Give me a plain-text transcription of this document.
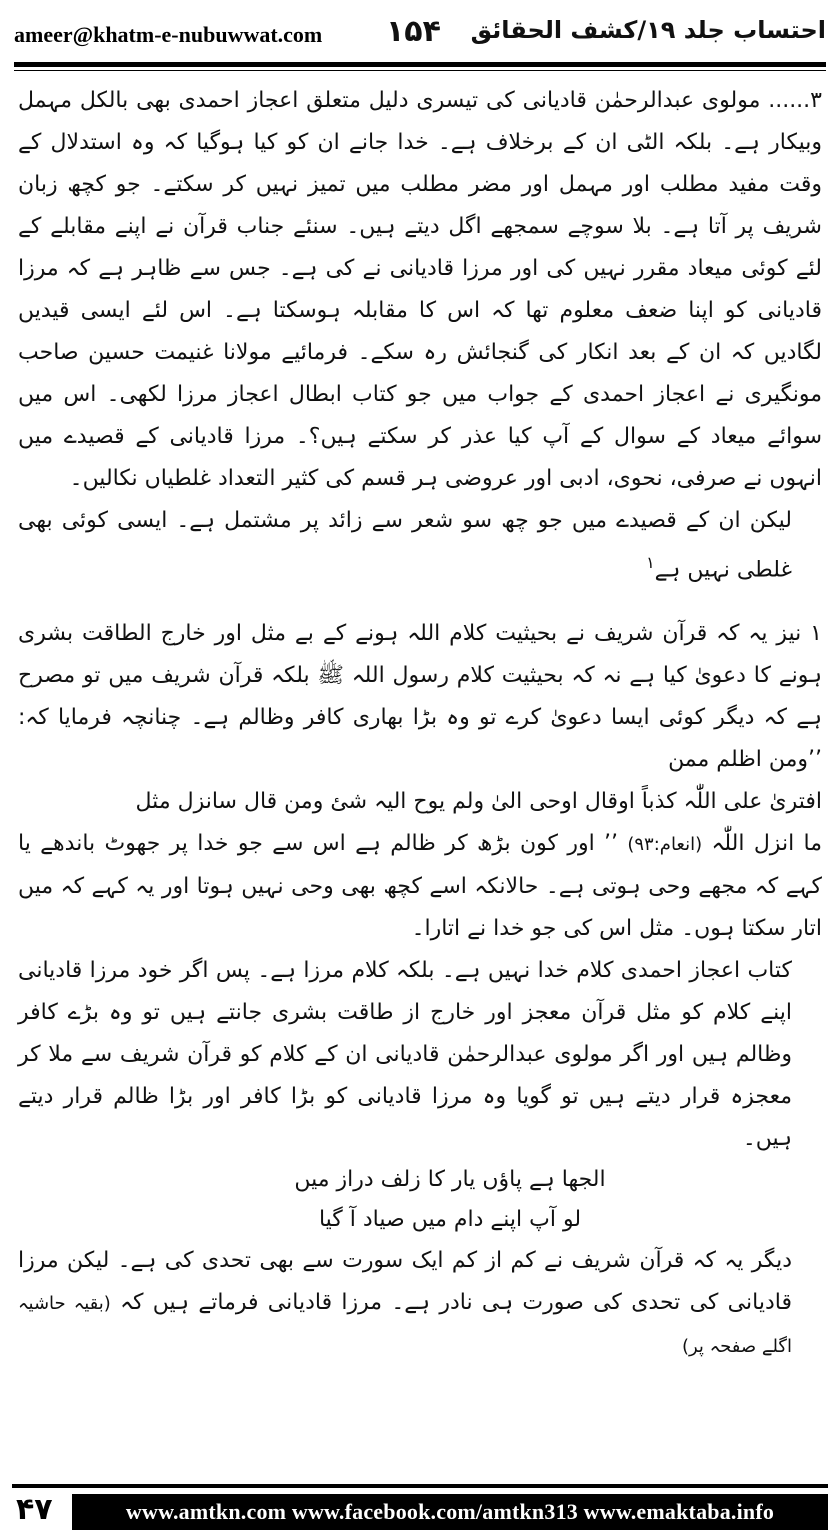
ameer@khatm-e-nubuwwat.com ۱۵۴ احتساب جلد ۱۹/کشف الحقائق

۳...... مولوی عبدالرحمٰن قادیانی کی تیسری دلیل متعلق اعجاز احمدی بھی بالکل مہمل وبیکار ہے۔ بلکہ الٹی ان کے برخلاف ہے۔ خدا جانے ان کو کیا ہوگیا کہ وہ استدلال کے وقت مفید مطلب اور مہمل اور مضر مطلب میں تمیز نہیں کر سکتے۔ جو کچھ زبان شریف پر آتا ہے۔ بلا سوچے سمجھے اگل دیتے ہیں۔ سنئے جناب قرآن نے اپنے مقابلے کے لئے کوئی میعاد مقرر نہیں کی اور مرزا قادیانی نے کی ہے۔ جس سے ظاہر ہے کہ مرزا قادیانی کو اپنا ضعف معلوم تھا کہ اس کا مقابلہ ہوسکتا ہے۔ اس لئے ایسی قیدیں لگادیں کہ ان کے بعد انکار کی گنجائش رہ سکے۔ فرمائیے مولانا غنیمت حسین صاحب مونگیری نے اعجاز احمدی کے جواب میں جو کتاب ابطال اعجاز مرزا لکھی۔ اس میں سوائے میعاد کے سوال کے آپ کیا عذر کر سکتے ہیں؟۔ مرزا قادیانی کے قصیدے میں انہوں نے صرفی، نحوی، ادبی اور عروضی ہر قسم کی کثیر التعداد غلطیاں نکالیں۔

لیکن ان کے قصیدے میں جو چھ سو شعر سے زائد پر مشتمل ہے۔ ایسی کوئی بھی غلطی نہیں ہے$^۱$

۱ نیز یہ کہ قرآن شریف نے بحیثیت کلام اللہ ہونے کے بے مثل اور خارج الطاقت بشری ہونے کا دعویٰ کیا ہے نہ کہ بحیثیت کلام رسول اللہ ﷺ بلکہ قرآن شریف میں تو مصرح ہے کہ دیگر کوئی ایسا دعویٰ کرے تو وہ بڑا بھاری کافر وظالم ہے۔ چنانچہ فرمایا کہ: ’’ومن اظلم ممن

افتریٰ علی اللّٰہ کذباً اوقال اوحی الیٰ ولم یوح الیہ شئ ومن قال سانزل مثل

ما انزل اللّٰہ (انعام:۹۳) ’’ اور کون بڑھ کر ظالم ہے اس سے جو خدا پر جھوٹ باندھے یا کہے کہ مجھے وحی ہوتی ہے۔ حالانکہ اسے کچھ بھی وحی نہیں ہوتا اور یہ کہے کہ میں اتار سکتا ہوں۔ مثل اس کی جو خدا نے اتارا۔

کتاب اعجاز احمدی کلام خدا نہیں ہے۔ بلکہ کلام مرزا ہے۔ پس اگر خود مرزا قادیانی اپنے کلام کو مثل قرآن معجز اور خارج از طاقت بشری جانتے ہیں تو وہ بڑے کافر وظالم ہیں اور اگر مولوی عبدالرحمٰن قادیانی ان کے کلام کو قرآن شریف سے ملا کر معجزہ قرار دیتے ہیں تو گویا وہ مرزا قادیانی کو بڑا کافر اور بڑا ظالم قرار دیتے ہیں۔

الجھا ہے پاؤں یار کا زلف دراز میں
لو آپ اپنے دام میں صیاد آ گیا

دیگر یہ کہ قرآن شریف نے کم از کم ایک سورت سے بھی تحدی کی ہے۔ لیکن مرزا قادیانی کی تحدی کی صورت ہی نادر ہے۔ مرزا قادیانی فرماتے ہیں کہ (بقیہ حاشیہ اگلے صفحہ پر)

۴۷	www.amtkn.com www.facebook.com/amtkn313 www.emaktaba.info
